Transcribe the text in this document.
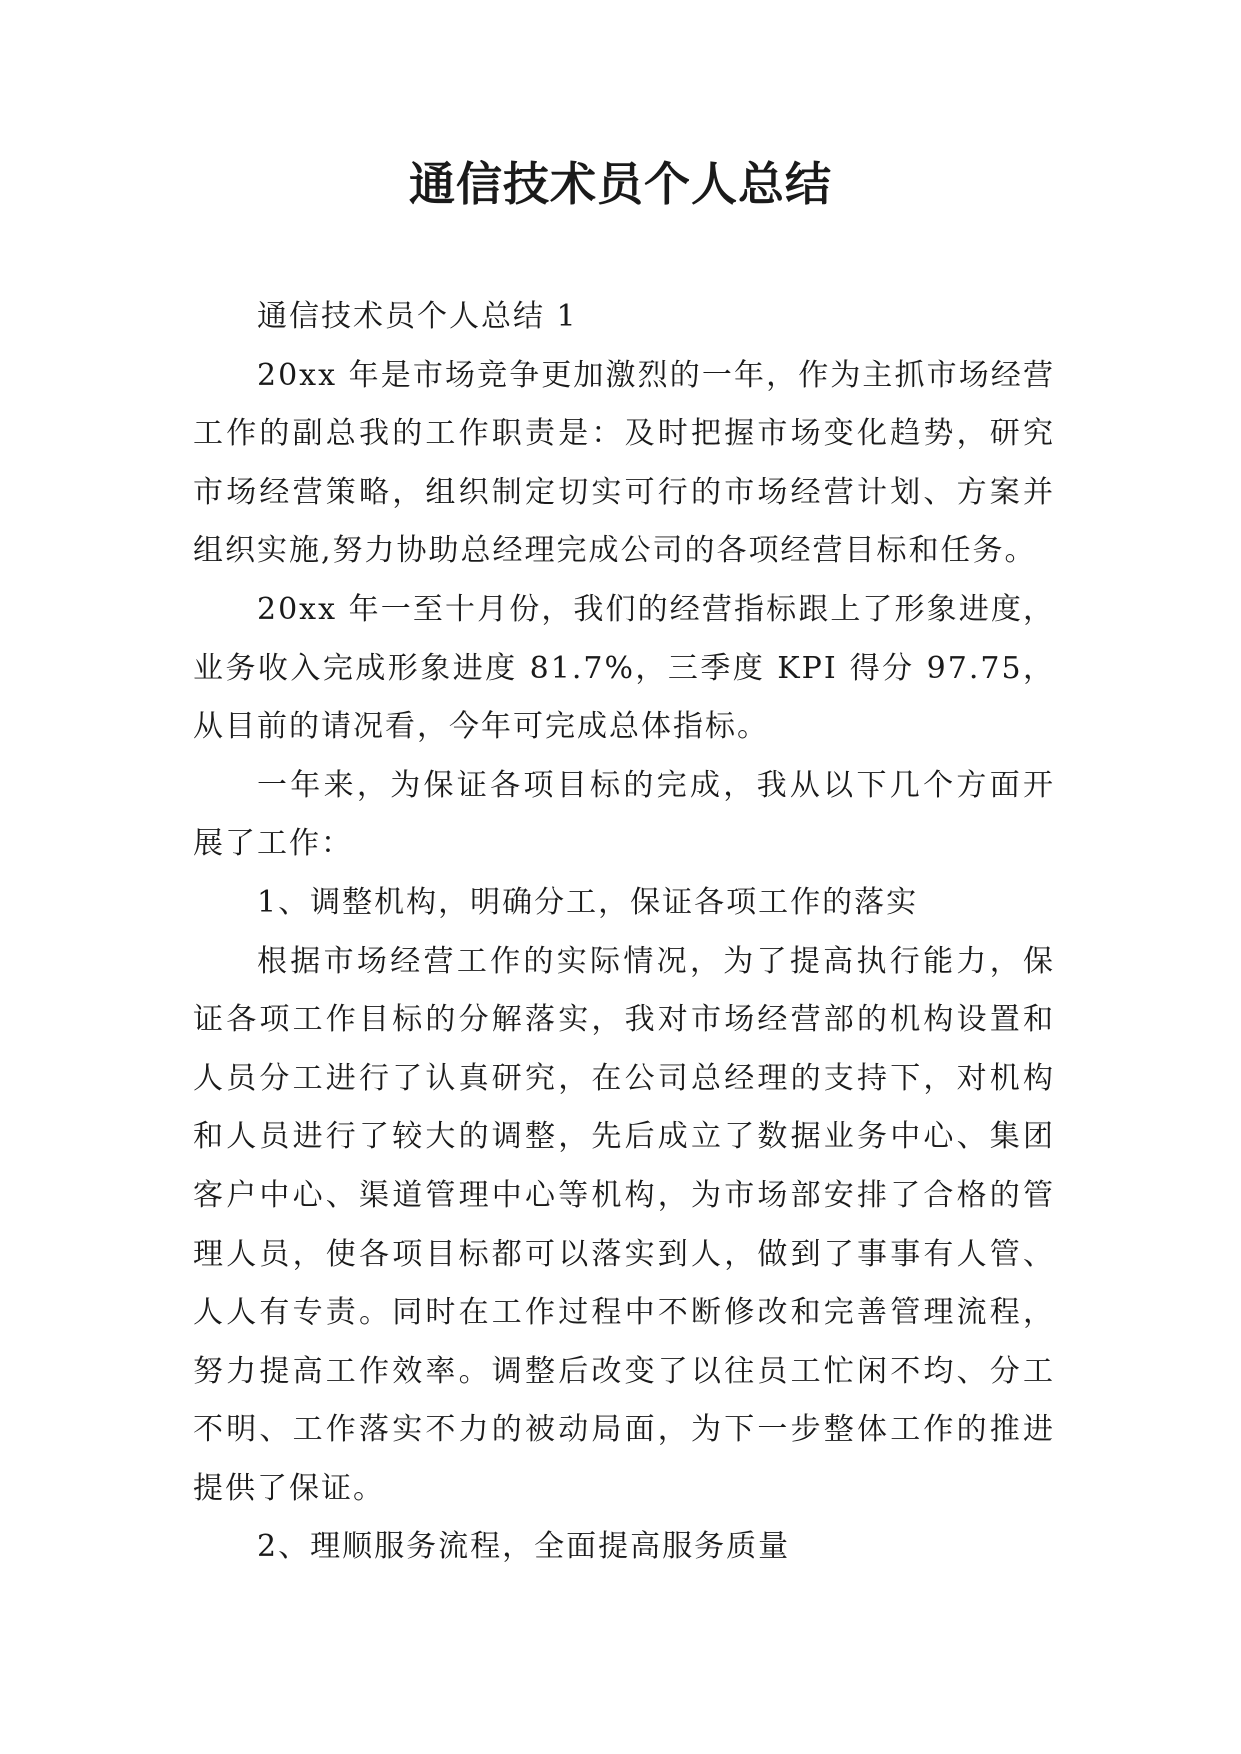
通信技术员个人总结

通信技术员个人总结 1

20xx 年是市场竞争更加激烈的一年，作为主抓市场经营工作的副总我的工作职责是：及时把握市场变化趋势，研究市场经营策略，组织制定切实可行的市场经营计划、方案并组织实施,努力协助总经理完成公司的各项经营目标和任务。

20xx 年一至十月份，我们的经营指标跟上了形象进度，业务收入完成形象进度 81.7%，三季度 KPI 得分 97.75，从目前的请况看，今年可完成总体指标。

一年来，为保证各项目标的完成，我从以下几个方面开展了工作：

1、调整机构，明确分工，保证各项工作的落实

根据市场经营工作的实际情况，为了提高执行能力，保证各项工作目标的分解落实，我对市场经营部的机构设置和人员分工进行了认真研究，在公司总经理的支持下，对机构和人员进行了较大的调整，先后成立了数据业务中心、集团客户中心、渠道管理中心等机构，为市场部安排了合格的管理人员，使各项目标都可以落实到人，做到了事事有人管、人人有专责。同时在工作过程中不断修改和完善管理流程，努力提高工作效率。调整后改变了以往员工忙闲不均、分工不明、工作落实不力的被动局面，为下一步整体工作的推进提供了保证。

2、理顺服务流程，全面提高服务质量
